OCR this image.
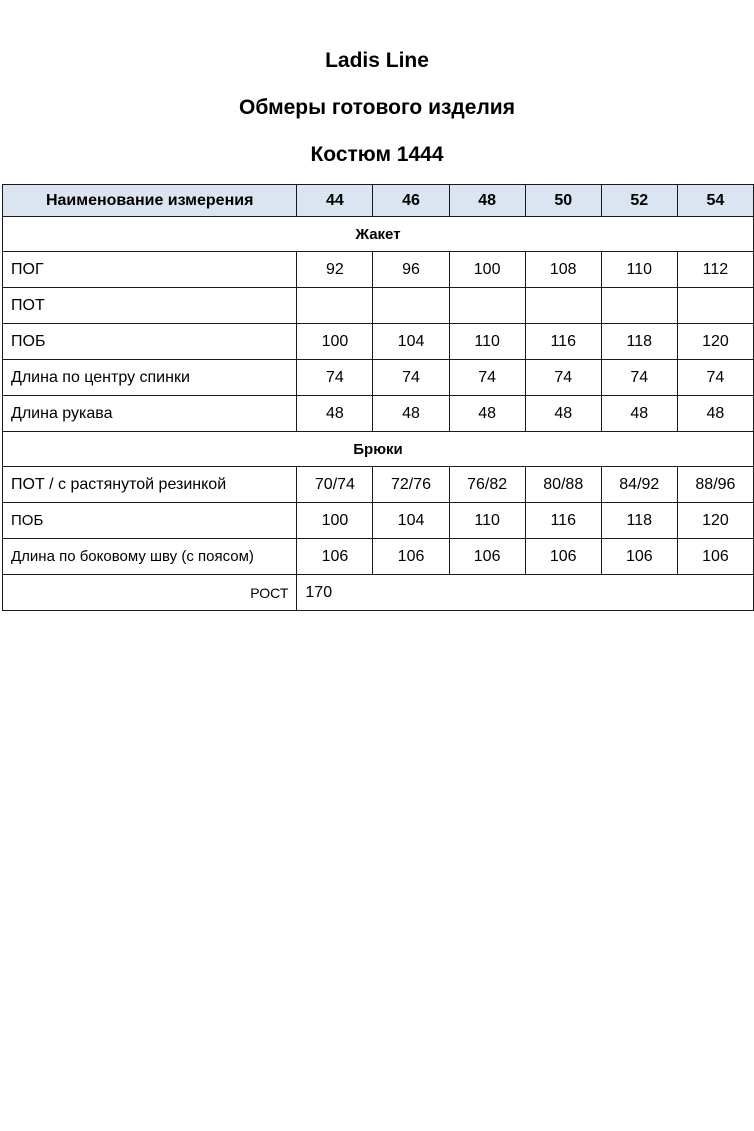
Ladis Line
Обмеры готового изделия
Костюм 1444
Наименование измерения	44	46	48	50	52	54
Жакет						
ПОГ	92	96	100	108	110	112
ПОТ						
ПОБ	100	104	110	116	118	120
Длина по центру спинки	74	74	74	74	74	74
Длина рукава	48	48	48	48	48	48
Брюки						
ПОТ / с растянутой резинкой	70/74	72/76	76/82	80/88	84/92	88/96
ПОБ	100	104	110	116	118	120
Длина по боковому шву (с поясом)	106	106	106	106	106	106
РОСТ	170					
